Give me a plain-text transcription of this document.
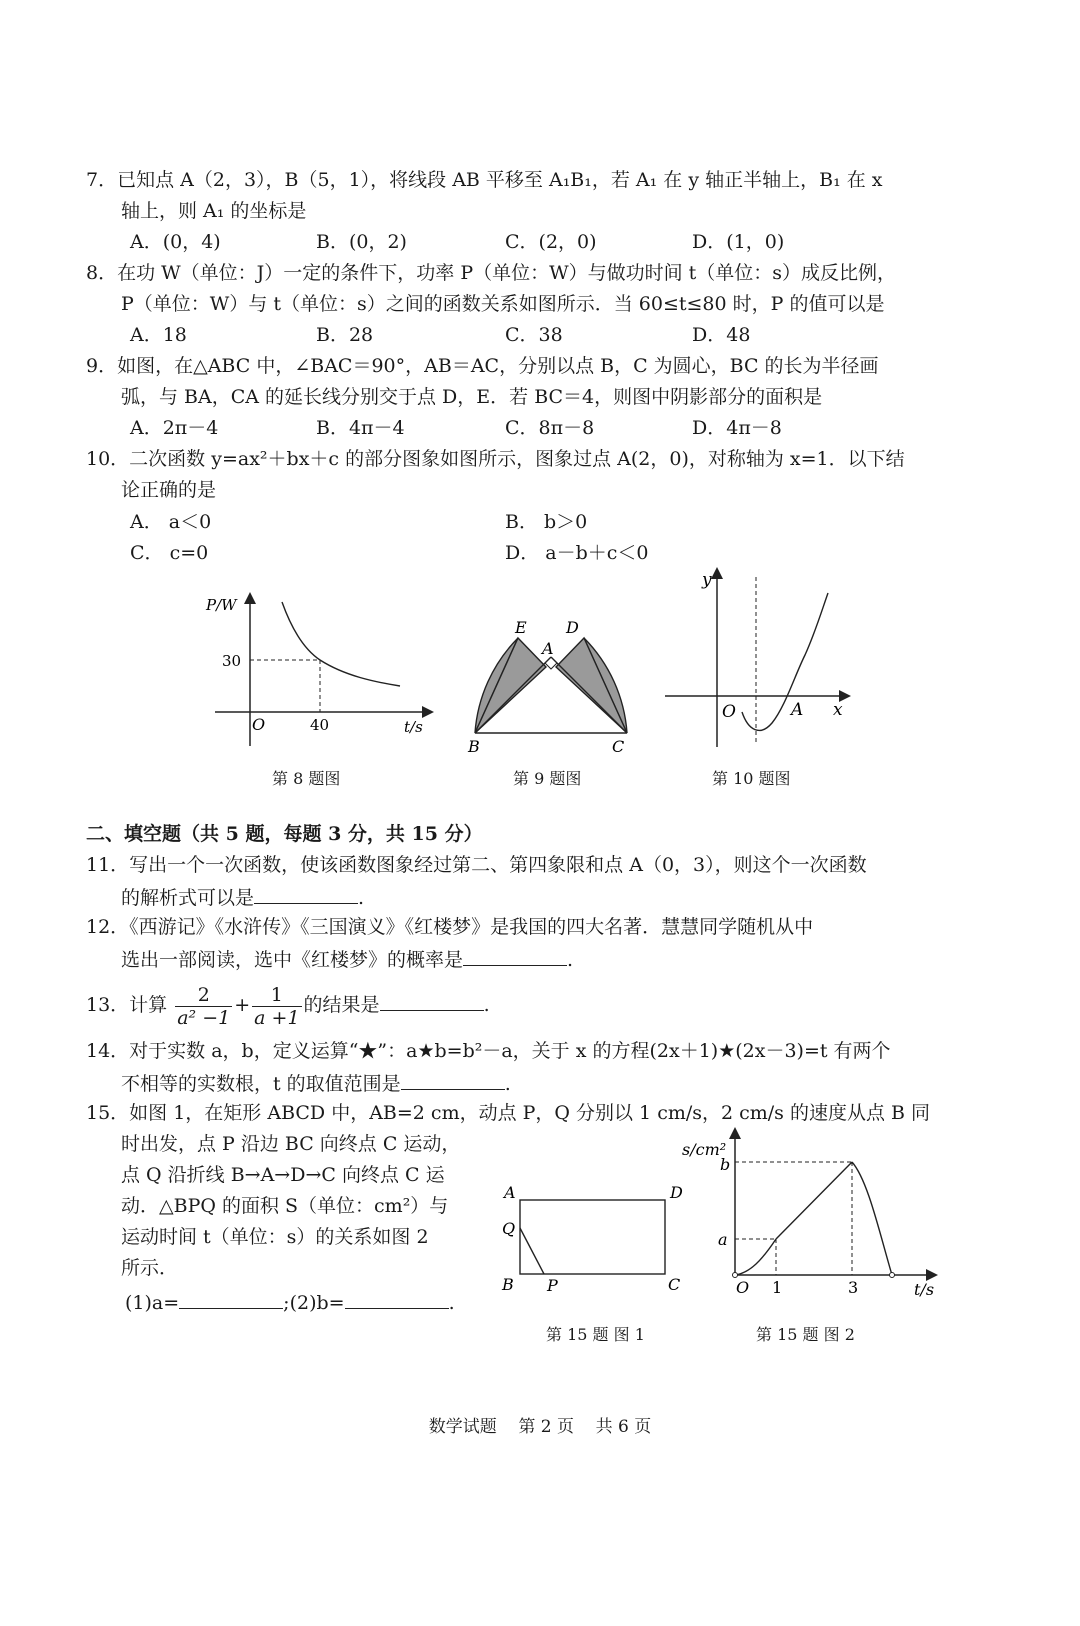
7．已知点 A（2，3），B（5，1），将线段 AB 平移至 A₁B₁，若 A₁ 在 y 轴正半轴上，B₁ 在 x
轴上，则 A₁ 的坐标是
A．(0，4)	B．(0，2)	C．(2，0)	D．(1，0)
8．在功 W（单位：J）一定的条件下，功率 P（单位：W）与做功时间 t（单位：s）成反比例，
P（单位：W）与 t（单位：s）之间的函数关系如图所示．当 60≤t≤80 时，P 的值可以是
A．18	B．28	C．38	D．48
9．如图，在△ABC 中，∠BAC＝90°，AB＝AC，分别以点 B，C 为圆心，BC 的长为半径画
弧，与 BA，CA 的延长线分别交于点 D，E．若 BC＝4，则图中阴影部分的面积是
A．2π－4	B．4π－4	C．8π－8	D．4π－8
10．二次函数 y=ax²＋bx＋c 的部分图象如图所示，图象过点 A(2，0)，对称轴为 x=1．以下结
论正确的是
A． a＜0	B． b＞0
C． c=0	D． a－b＋c＜0
P/W
30
O	40	t/s
第 8 题图
E D
A
B	C
第 9 题图
y
O	A x
第 10 题图
二、填空题（共 5 题，每题 3 分，共 15 分）
11．写出一个一次函数，使该函数图象经过第二、第四象限和点 A（0，3），则这个一次函数
的解析式可以是	.
12．《西游记》《水浒传》《三国演义》《红楼梦》是我国的四大名著．慧慧同学随机从中
选出一部阅读，选中《红楼梦》的概率是	.
13．计算 $\frac{2}{\text{a² −1}} + \frac{1}{a +1}$ 的结果是	.
14．对于实数 a，b，定义运算“★”：a★b=b²－a，关于 x 的方程(2x＋1)★(2x－3)=t 有两个
不相等的实数根，t 的取值范围是	.
15．如图 1，在矩形 ABCD 中，AB=2 cm，动点 P，Q 分别以 1 cm/s，2 cm/s 的速度从点 B 同
时出发，点 P 沿边 BC 向终点 C 运动，
点 Q 沿折线 B→A→D→C 向终点 C 运
动．△BPQ 的面积 S（单位：cm²）与
运动时间 t（单位：s）的关系如图 2
所示．
(1)a=	;(2)b=	.
A	D
Q
B P	C
第 15 题 图 1
s/cm²
b
a
O 1	3	t/s
第 15 题 图 2
数学试题    第 2 页    共 6 页
